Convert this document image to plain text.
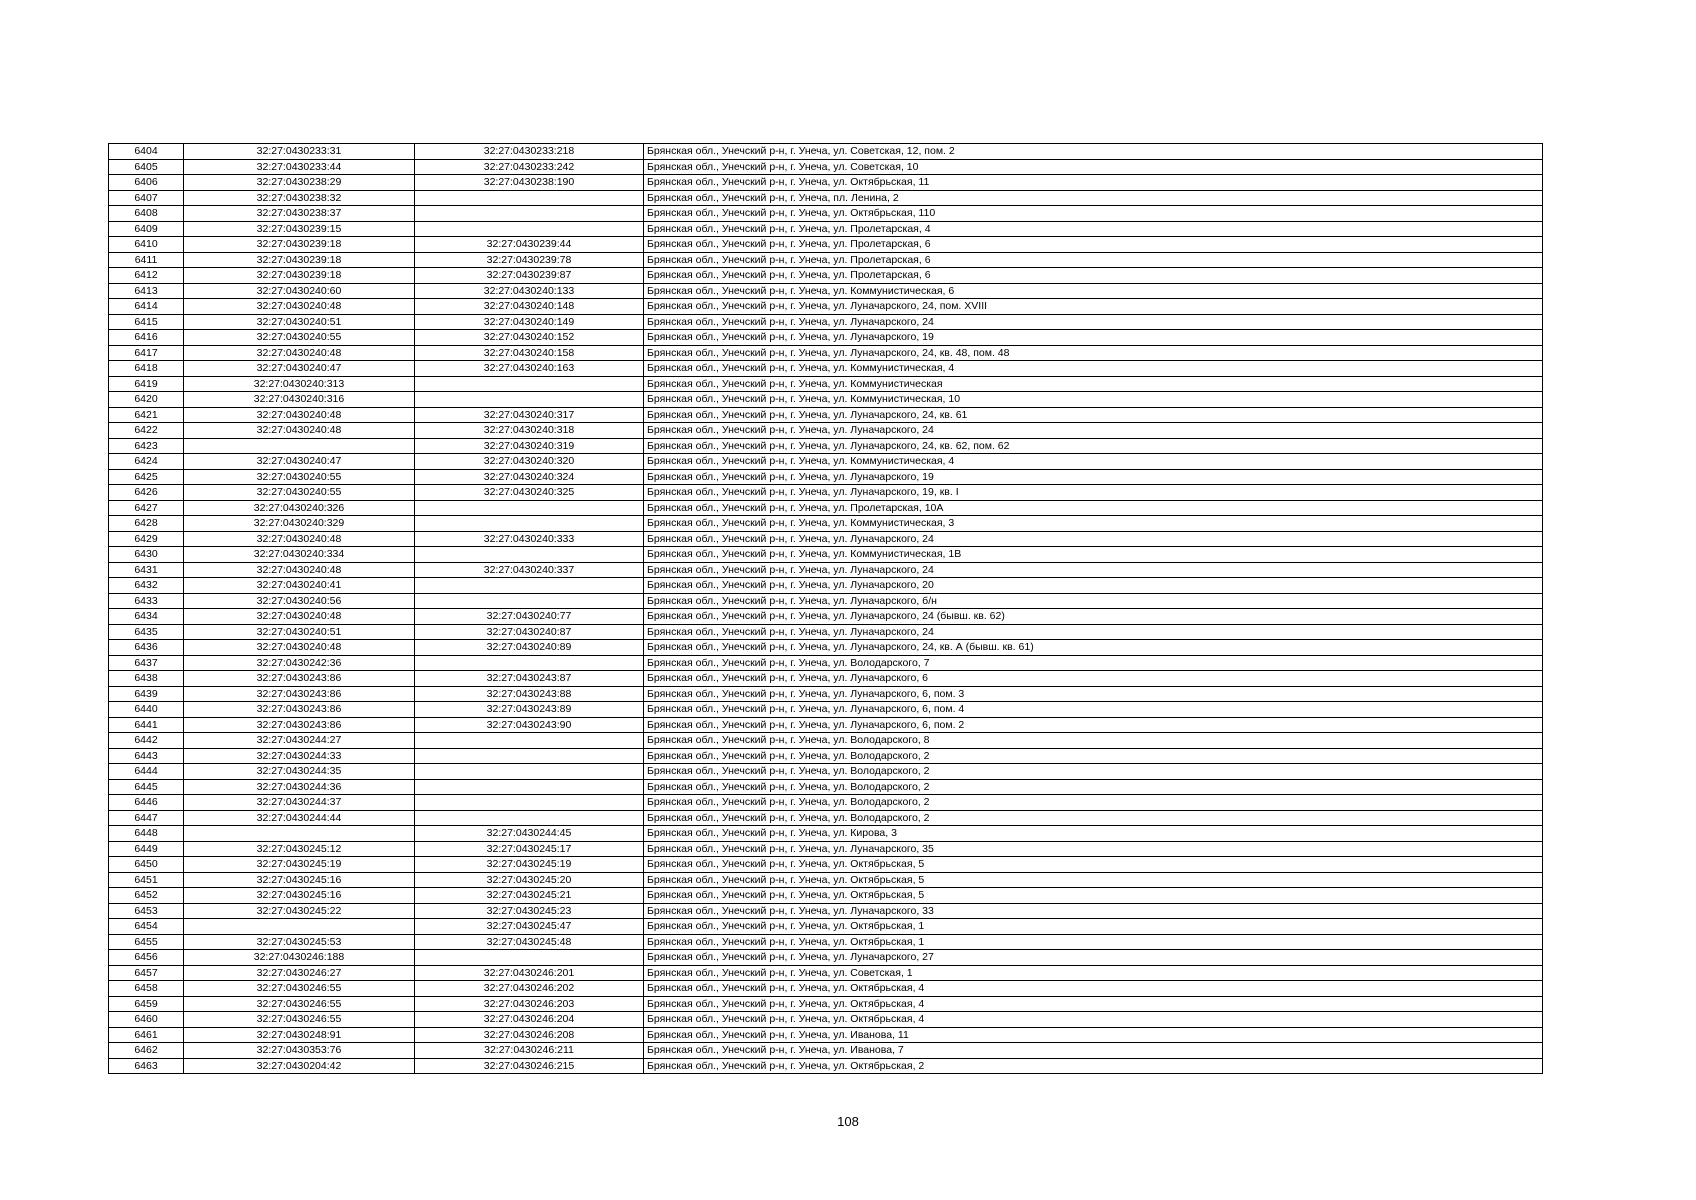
6404	32:27:0430233:31	32:27:0430233:218	Брянская обл., Унечский р-н, г. Унеча, ул. Советская, 12, пом. 2
6405	32:27:0430233:44	32:27:0430233:242	Брянская обл., Унечский р-н, г. Унеча, ул. Советская, 10
6406	32:27:0430238:29	32:27:0430238:190	Брянская обл., Унечский р-н, г. Унеча, ул. Октябрьская, 11
6407	32:27:0430238:32		Брянская обл., Унечский р-н, г. Унеча, пл. Ленина, 2
6408	32:27:0430238:37		Брянская обл., Унечский р-н, г. Унеча, ул. Октябрьская, 110
6409	32:27:0430239:15		Брянская обл., Унечский р-н, г. Унеча, ул. Пролетарская, 4
6410	32:27:0430239:18	32:27:0430239:44	Брянская обл., Унечский р-н, г. Унеча, ул. Пролетарская, 6
6411	32:27:0430239:18	32:27:0430239:78	Брянская обл., Унечский р-н, г. Унеча, ул. Пролетарская, 6
6412	32:27:0430239:18	32:27:0430239:87	Брянская обл., Унечский р-н, г. Унеча, ул. Пролетарская, 6
6413	32:27:0430240:60	32:27:0430240:133	Брянская обл., Унечский р-н, г. Унеча, ул. Коммунистическая, 6
6414	32:27:0430240:48	32:27:0430240:148	Брянская обл., Унечский р-н, г. Унеча, ул. Луначарского, 24, пом. XVIII
6415	32:27:0430240:51	32:27:0430240:149	Брянская обл., Унечский р-н, г. Унеча, ул. Луначарского, 24
6416	32:27:0430240:55	32:27:0430240:152	Брянская обл., Унечский р-н, г. Унеча, ул. Луначарского, 19
6417	32:27:0430240:48	32:27:0430240:158	Брянская обл., Унечский р-н, г. Унеча, ул. Луначарского, 24, кв. 48, пом. 48
6418	32:27:0430240:47	32:27:0430240:163	Брянская обл., Унечский р-н, г. Унеча, ул. Коммунистическая, 4
6419	32:27:0430240:313		Брянская обл., Унечский р-н, г. Унеча, ул. Коммунистическая
6420	32:27:0430240:316		Брянская обл., Унечский р-н, г. Унеча, ул. Коммунистическая, 10
6421	32:27:0430240:48	32:27:0430240:317	Брянская обл., Унечский р-н, г. Унеча, ул. Луначарского, 24, кв. 61
6422	32:27:0430240:48	32:27:0430240:318	Брянская обл., Унечский р-н, г. Унеча, ул. Луначарского, 24
6423		32:27:0430240:319	Брянская обл., Унечский р-н, г. Унеча, ул. Луначарского, 24, кв. 62, пом. 62
6424	32:27:0430240:47	32:27:0430240:320	Брянская обл., Унечский р-н, г. Унеча, ул. Коммунистическая, 4
6425	32:27:0430240:55	32:27:0430240:324	Брянская обл., Унечский р-н, г. Унеча, ул. Луначарского, 19
6426	32:27:0430240:55	32:27:0430240:325	Брянская обл., Унечский р-н, г. Унеча, ул. Луначарского, 19, кв. I
6427	32:27:0430240:326		Брянская обл., Унечский р-н, г. Унеча, ул. Пролетарская, 10А
6428	32:27:0430240:329		Брянская обл., Унечский р-н, г. Унеча, ул. Коммунистическая, 3
6429	32:27:0430240:48	32:27:0430240:333	Брянская обл., Унечский р-н, г. Унеча, ул. Луначарского, 24
6430	32:27:0430240:334		Брянская обл., Унечский р-н, г. Унеча, ул. Коммунистическая, 1В
6431	32:27:0430240:48	32:27:0430240:337	Брянская обл., Унечский р-н, г. Унеча, ул. Луначарского, 24
6432	32:27:0430240:41		Брянская обл., Унечский р-н, г. Унеча, ул. Луначарского, 20
6433	32:27:0430240:56		Брянская обл., Унечский р-н, г. Унеча, ул. Луначарского, б/н
6434	32:27:0430240:48	32:27:0430240:77	Брянская обл., Унечский р-н, г. Унеча, ул. Луначарского, 24 (бывш. кв. 62)
6435	32:27:0430240:51	32:27:0430240:87	Брянская обл., Унечский р-н, г. Унеча, ул. Луначарского, 24
6436	32:27:0430240:48	32:27:0430240:89	Брянская обл., Унечский р-н, г. Унеча, ул. Луначарского, 24, кв. А (бывш. кв. 61)
6437	32:27:0430242:36		Брянская обл., Унечский р-н, г. Унеча, ул. Володарского, 7
6438	32:27:0430243:86	32:27:0430243:87	Брянская обл., Унечский р-н, г. Унеча, ул. Луначарского, 6
6439	32:27:0430243:86	32:27:0430243:88	Брянская обл., Унечский р-н, г. Унеча, ул. Луначарского, 6, пом. 3
6440	32:27:0430243:86	32:27:0430243:89	Брянская обл., Унечский р-н, г. Унеча, ул. Луначарского, 6, пом. 4
6441	32:27:0430243:86	32:27:0430243:90	Брянская обл., Унечский р-н, г. Унеча, ул. Луначарского, 6, пом. 2
6442	32:27:0430244:27		Брянская обл., Унечский р-н, г. Унеча, ул. Володарского, 8
6443	32:27:0430244:33		Брянская обл., Унечский р-н, г. Унеча, ул. Володарского, 2
6444	32:27:0430244:35		Брянская обл., Унечский р-н, г. Унеча, ул. Володарского, 2
6445	32:27:0430244:36		Брянская обл., Унечский р-н, г. Унеча, ул. Володарского, 2
6446	32:27:0430244:37		Брянская обл., Унечский р-н, г. Унеча, ул. Володарского, 2
6447	32:27:0430244:44		Брянская обл., Унечский р-н, г. Унеча, ул. Володарского, 2
6448		32:27:0430244:45	Брянская обл., Унечский р-н, г. Унеча, ул. Кирова, 3
6449	32:27:0430245:12	32:27:0430245:17	Брянская обл., Унечский р-н, г. Унеча, ул. Луначарского, 35
6450	32:27:0430245:19	32:27:0430245:19	Брянская обл., Унечский р-н, г. Унеча, ул. Октябрьская, 5
6451	32:27:0430245:16	32:27:0430245:20	Брянская обл., Унечский р-н, г. Унеча, ул. Октябрьская, 5
6452	32:27:0430245:16	32:27:0430245:21	Брянская обл., Унечский р-н, г. Унеча, ул. Октябрьская, 5
6453	32:27:0430245:22	32:27:0430245:23	Брянская обл., Унечский р-н, г. Унеча, ул. Луначарского, 33
6454		32:27:0430245:47	Брянская обл., Унечский р-н, г. Унеча, ул. Октябрьская, 1
6455	32:27:0430245:53	32:27:0430245:48	Брянская обл., Унечский р-н, г. Унеча, ул. Октябрьская, 1
6456	32:27:0430246:188		Брянская обл., Унечский р-н, г. Унеча, ул. Луначарского, 27
6457	32:27:0430246:27	32:27:0430246:201	Брянская обл., Унечский р-н, г. Унеча, ул. Советская, 1
6458	32:27:0430246:55	32:27:0430246:202	Брянская обл., Унечский р-н, г. Унеча, ул. Октябрьская, 4
6459	32:27:0430246:55	32:27:0430246:203	Брянская обл., Унечский р-н, г. Унеча, ул. Октябрьская, 4
6460	32:27:0430246:55	32:27:0430246:204	Брянская обл., Унечский р-н, г. Унеча, ул. Октябрьская, 4
6461	32:27:0430248:91	32:27:0430246:208	Брянская обл., Унечский р-н, г. Унеча, ул. Иванова, 11
6462	32:27:0430353:76	32:27:0430246:211	Брянская обл., Унечский р-н, г. Унеча, ул. Иванова, 7
6463	32:27:0430204:42	32:27:0430246:215	Брянская обл., Унечский р-н, г. Унеча, ул. Октябрьская, 2
108
